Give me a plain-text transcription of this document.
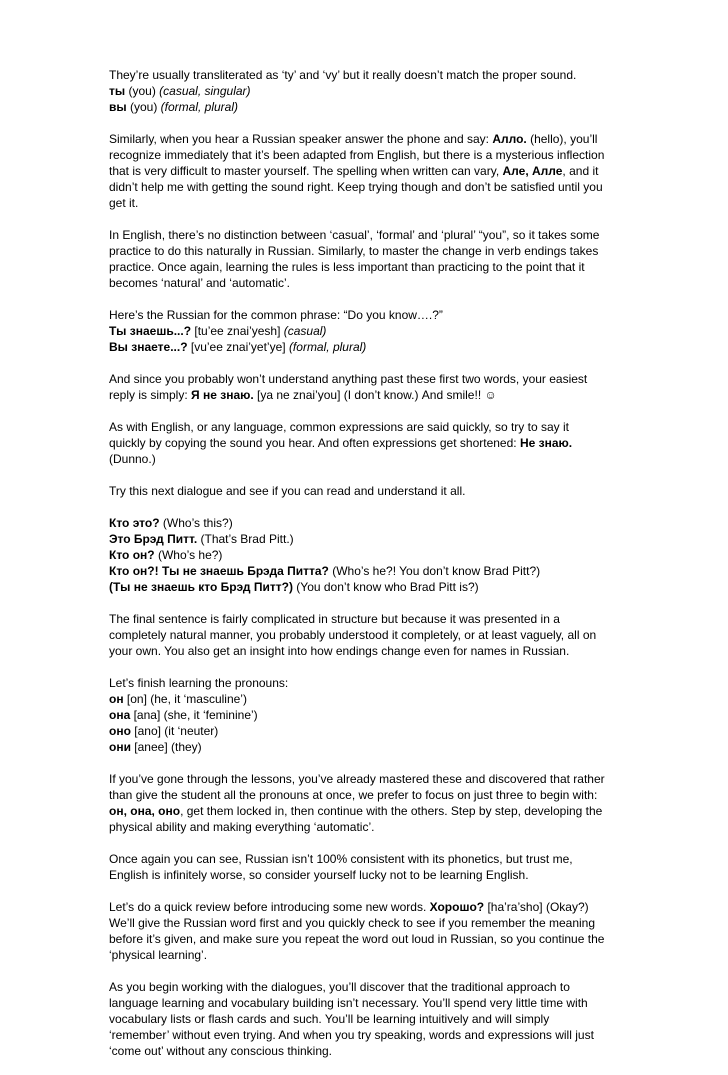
They’re usually transliterated as ‘ty’ and ‘vy’ but it really doesn’t match the proper sound.
ты (you) (casual, singular)
вы (you) (formal, plural)
Similarly, when you hear a Russian speaker answer the phone and say: Алло. (hello), you’ll
recognize immediately that it’s been adapted from English, but there is a mysterious inflection
that is very difficult to master yourself. The spelling when written can vary, Але, Алле, and it
didn’t help me with getting the sound right. Keep trying though and don’t be satisfied until you
get it.
In English, there’s no distinction between ‘casual’, ‘formal’ and ‘plural’ “you”, so it takes some
practice to do this naturally in Russian. Similarly, to master the change in verb endings takes
practice. Once again, learning the rules is less important than practicing to the point that it
becomes ‘natural’ and ‘automatic’.
Here’s the Russian for the common phrase: “Do you know….?”
Ты знаешь...? [tu’ee znai’yesh] (casual)
Вы знаете...? [vu’ee znai’yet’ye] (formal, plural)
And since you probably won’t understand anything past these first two words, your easiest
reply is simply: Я не знаю. [ya ne znai’you] (I don’t know.) And smile!! ☺
As with English, or any language, common expressions are said quickly, so try to say it
quickly by copying the sound you hear. And often expressions get shortened: Не знаю.
(Dunno.)
Try this next dialogue and see if you can read and understand it all.
Кто это? (Who’s this?)
Это Брэд Питт. (That’s Brad Pitt.)
Кто он? (Who’s he?)
Кто он?! Ты не знаешь Брэда Питта? (Who’s he?! You don’t know Brad Pitt?)
(Ты не знаешь кто Брэд Питт?) (You don’t know who Brad Pitt is?)
The final sentence is fairly complicated in structure but because it was presented in a
completely natural manner, you probably understood it completely, or at least vaguely, all on
your own. You also get an insight into how endings change even for names in Russian.
Let’s finish learning the pronouns:
он [on] (he, it ‘masculine’)
она [ana] (she, it ‘feminine’)
оно [ano] (it ‘neuter)
они [anee] (they)
If you’ve gone through the lessons, you’ve already mastered these and discovered that rather
than give the student all the pronouns at once, we prefer to focus on just three to begin with:
он, она, оно, get them locked in, then continue with the others. Step by step, developing the
physical ability and making everything ‘automatic’.
Once again you can see, Russian isn’t 100% consistent with its phonetics, but trust me,
English is infinitely worse, so consider yourself lucky not to be learning English.
Let’s do a quick review before introducing some new words. Хорошо? [ha’ra’sho] (Okay?)
We’ll give the Russian word first and you quickly check to see if you remember the meaning
before it’s given, and make sure you repeat the word out loud in Russian, so you continue the
‘physical learning’.
As you begin working with the dialogues, you’ll discover that the traditional approach to
language learning and vocabulary building isn’t necessary. You’ll spend very little time with
vocabulary lists or flash cards and such. You’ll be learning intuitively and will simply
‘remember’ without even trying. And when you try speaking, words and expressions will just
‘come out’ without any conscious thinking.
